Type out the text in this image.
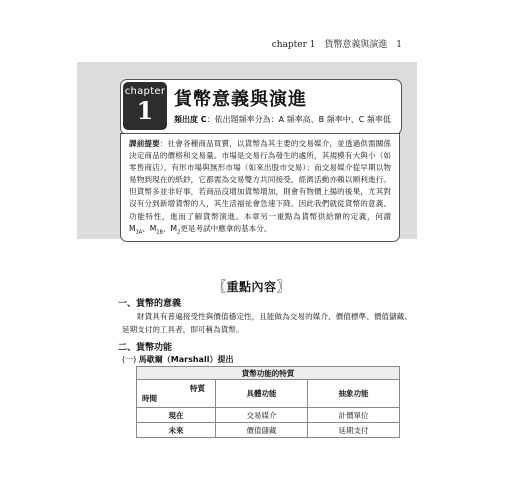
chapter 1 貨幣意義與演進 1
chapter
1	貨幣意義與演進
頻出度 C：依出題頻率分為：A 頻率高、B 頻率中、C 頻率低
課前提要：社會各種商品買賣，以貨幣為其主要的交易媒介，並透過供需關係決定商品的價格和交易量。市場是交易行為發生的處所，其規模有大與小（如零售商店），有形市場與無形市場（如來出股市交易）；而交易媒介從早期以物易物到現在的紙鈔，它都需為交易雙方共同接受，經濟活動亦賴以順利進行。但貨幣多並非好事，若商品沒增加貨幣增加，則會有物價上揚的後果，尤其對沒有分到新增貨幣的人，其生活福祉會急速下降。因此我們就從貨幣的意義、功能特性，進而了解貨幣演進。本章另一重點為貨幣供給額的定義，何謂$M_{1A}$、$M_{1B}$、$M_2$更是考試中應拿的基本分。
〖重點內容〗
一、貨幣的意義
財貨具有普遍接受性與價值穩定性，且能做為交易的媒介、價值標準、價值儲藏、延期支付的工具者，即可稱為貨幣。
二、貨幣功能
(一) 馬歇爾（Marshall）提出
貨幣功能的特質		

特質
時間	具體功能	抽象功能
現在	交易媒介	計價單位
未來	價值儲藏	延期支付
